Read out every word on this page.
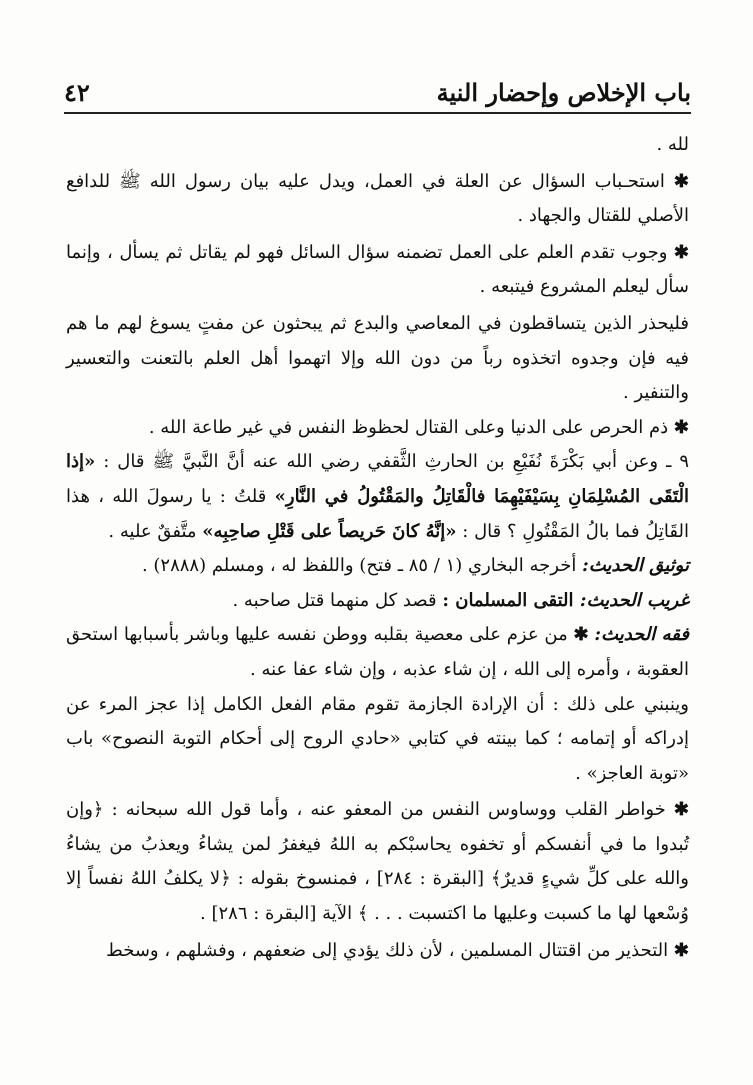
باب الإخلاص وإحضار النية
٤٢

لله .

✱ استحـباب السؤال عن العلة في العمل، ويدل عليه بيان رسول الله ﷺ للدافع الأصلي للقتال والجهاد .

✱ وجوب تقدم العلم على العمل تضمنه سؤال السائل فهو لم يقاتل ثم يسأل ، وإنما سأل ليعلم المشروع فيتبعه .

فليحذر الذين يتساقطون في المعاصي والبدع ثم يبحثون عن مفتٍ يسوغ لهم ما هم فيه فإن وجدوه اتخذوه رباً من دون الله وإلا اتهموا أهل العلم بالتعنت والتعسير والتنفير .

✱ ذم الحرص على الدنيا وعلى القتال لحظوظ النفس في غير طاعة الله .

٩ ـ وعن أبي بَكْرَةَ نُفَيْعِ بن الحارثِ الثَّقفي رضي الله عنه أنَّ النَّبيَّ ﷺ قال : «إذا الْتَقَى المُسْلِمَانِ بِسَيْفَيْهِمَا فالْقَاتِلُ والمَقْتُولُ في النَّارِ» قلتُ : يا رسولَ الله ، هذا القَاتِلُ فما بالُ المَقْتُولِ ؟ قال : «إنَّهُ كانَ حَريصاً على قَتْلِ صاحِبِه» متَّفقٌ عليه .

توثيق الحديث: أخرجه البخاري (١ / ٨٥ ـ فتح) واللفظ له ، ومسلم (٢٨٨٨) .

غريب الحديث: التقى المسلمان : قصد كل منهما قتل صاحبه .

فقه الحديث: ✱ من عزم على معصية بقلبه ووطن نفسه عليها وباشر بأسبابها استحق العقوبة ، وأمره إلى الله ، إن شاء عذبه ، وإن شاء عفا عنه .

وينبني على ذلك : أن الإرادة الجازمة تقوم مقام الفعل الكامل إذا عجز المرء عن إدراكه أو إتمامه ؛ كما بينته في كتابي «حادي الروح إلى أحكام التوبة النصوح» باب «توبة العاجز» .

✱ خواطر القلب ووساوس النفس من المعفو عنه ، وأما قول الله سبحانه : ﴿وإن تُبدوا ما في أنفسكم أو تخفوه يحاسبْكم به اللهُ فيغفرُ لمن يشاءُ ويعذبُ من يشاءُ والله على كلِّ شيءٍ قديرٌ﴾ [البقرة : ٢٨٤] ، فمنسوخ بقوله : ﴿لا يكلفُ اللهُ نفساً إلا وُسْعها لها ما كسبت وعليها ما اكتسبت . . . ﴾ الآية [البقرة : ٢٨٦] .

✱ التحذير من اقتتال المسلمين ، لأن ذلك يؤدي إلى ضعفهم ، وفشلهم ، وسخط
